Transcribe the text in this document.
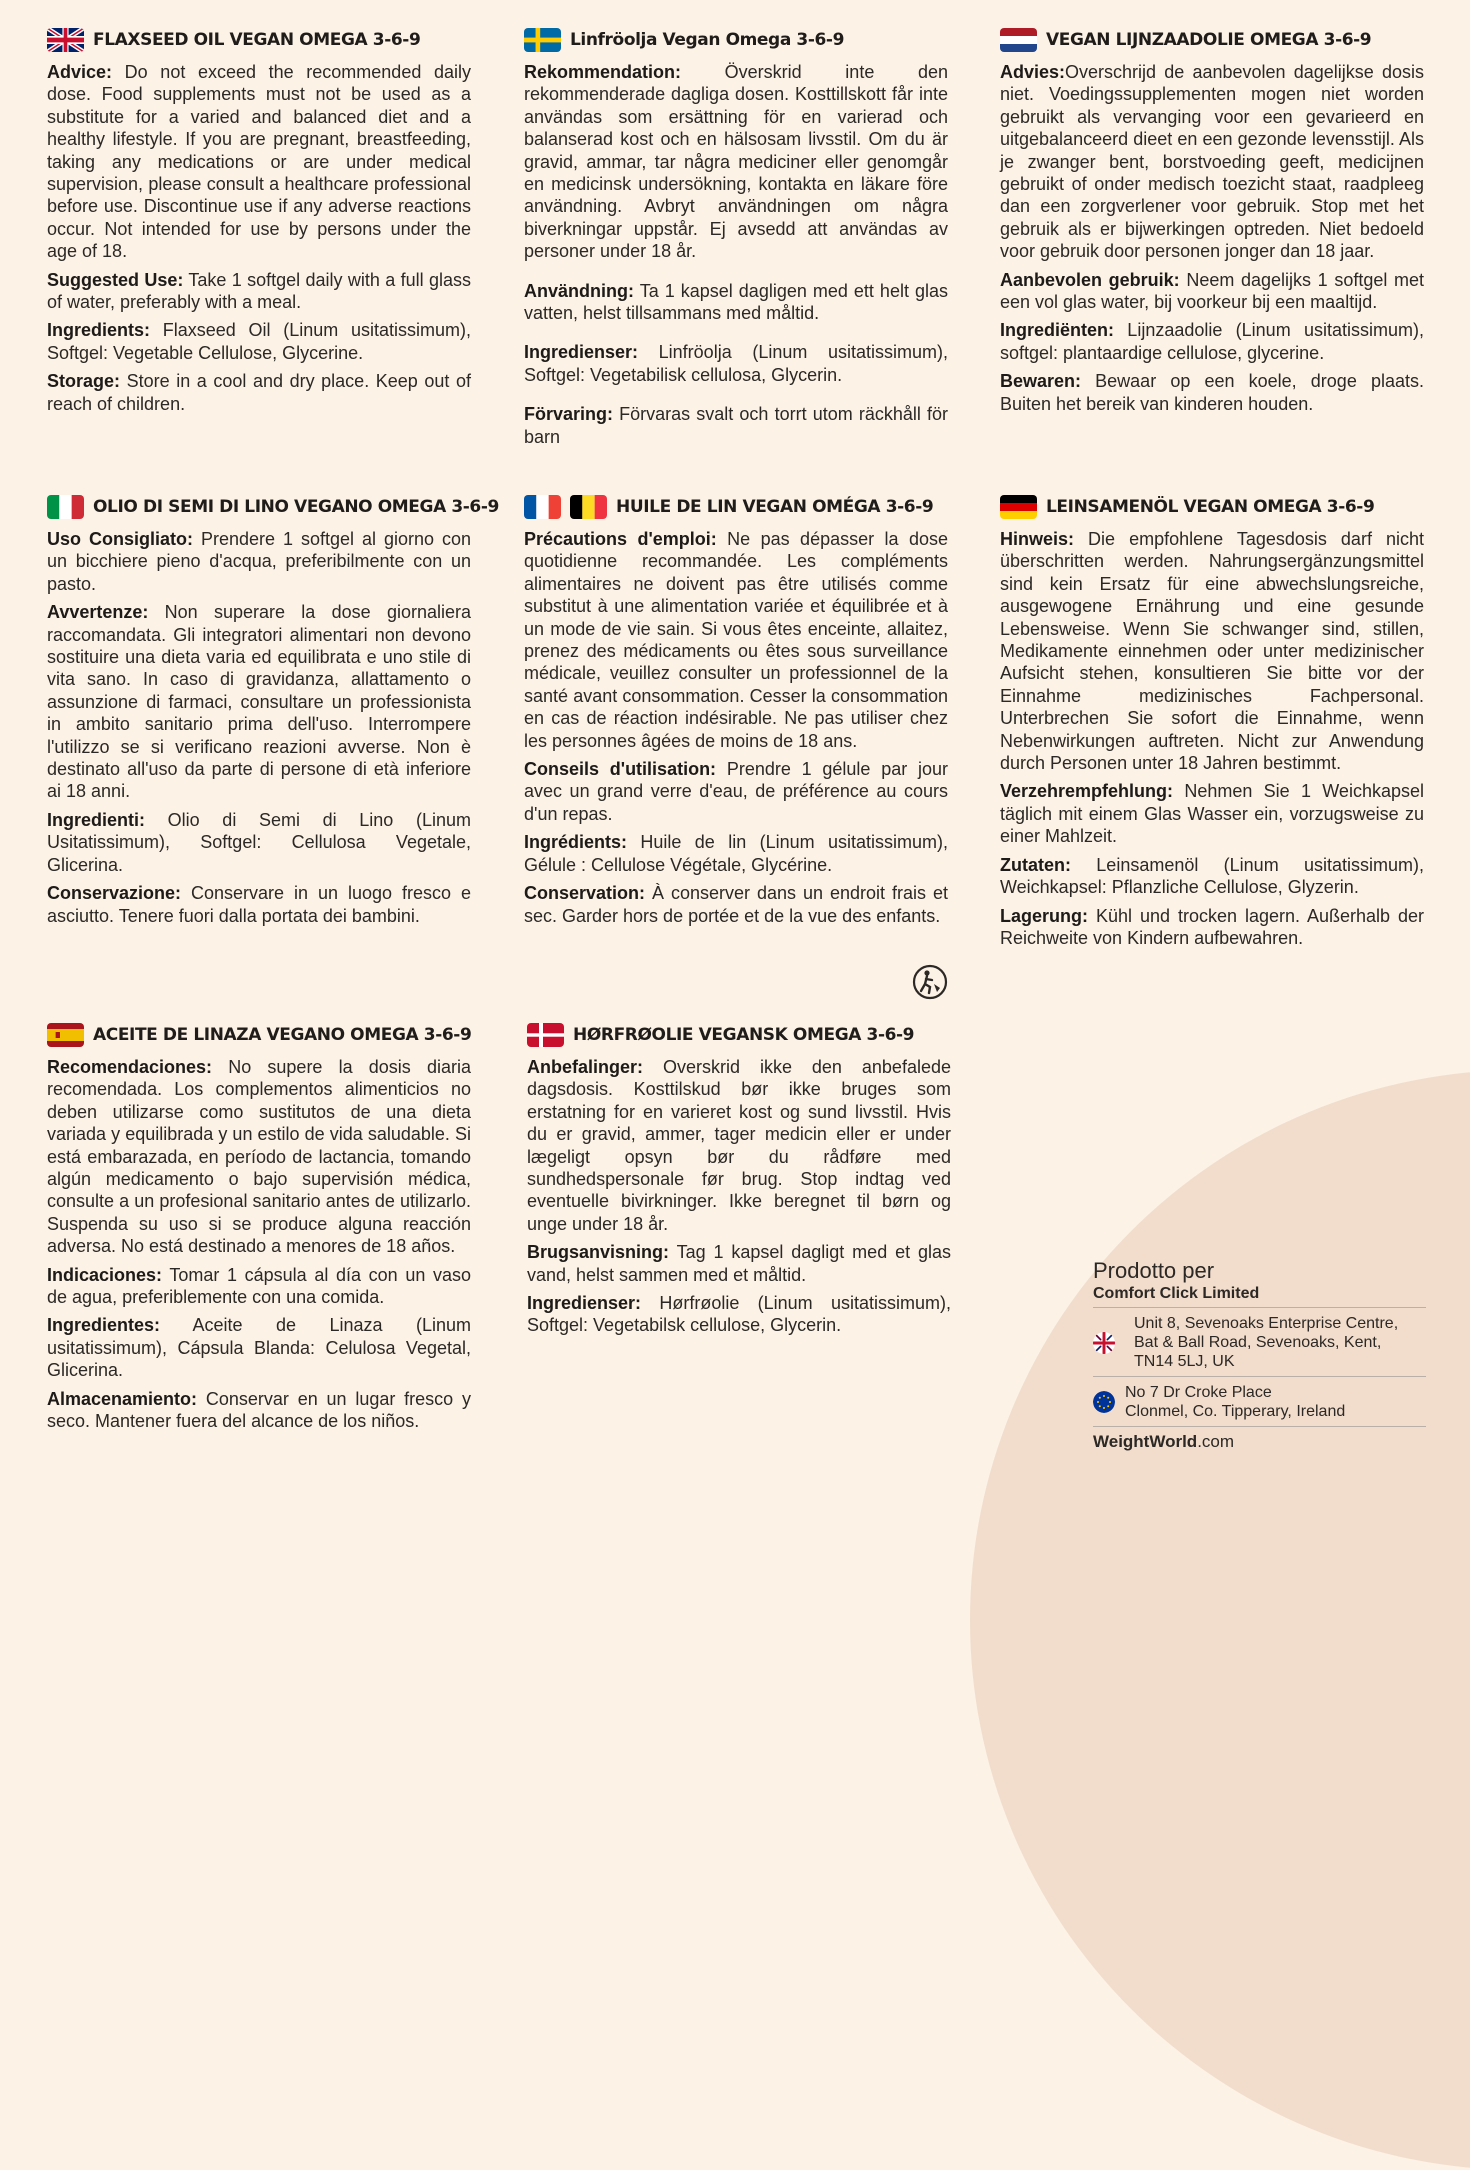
FLAXSEED OIL VEGAN OMEGA 3-6-9

Advice: Do not exceed the recommended daily dose. Food supplements must not be used as a substitute for a varied and balanced diet and a healthy lifestyle. If you are pregnant, breastfeeding, taking any medications or are under medical supervision, please consult a healthcare professional before use. Discontinue use if any adverse reactions occur. Not intended for use by persons under the age of 18.

Suggested Use: Take 1 softgel daily with a full glass of water, preferably with a meal.

Ingredients: Flaxseed Oil (Linum usitatissimum), Softgel: Vegetable Cellulose, Glycerine.

Storage: Store in a cool and dry place. Keep out of reach of children.

Linfröolja Vegan Omega 3-6-9

Rekommendation: Överskrid inte den rekommenderade dagliga dosen. Kosttillskott får inte användas som ersättning för en varierad och balanserad kost och en hälsosam livsstil. Om du är gravid, ammar, tar några mediciner eller genomgår en medicinsk undersökning, kontakta en läkare före användning. Avbryt användningen om några biverkningar uppstår. Ej avsedd att användas av personer under 18 år.

Användning: Ta 1 kapsel dagligen med ett helt glas vatten, helst tillsammans med måltid.

Ingredienser: Linfröolja (Linum usitatissimum), Softgel: Vegetabilisk cellulosa, Glycerin.

Förvaring: Förvaras svalt och torrt utom räckhåll för barn

VEGAN LIJNZAADOLIE OMEGA 3-6-9

Advies:Overschrijd de aanbevolen dagelijkse dosis niet. Voedingssupplementen mogen niet worden gebruikt als vervanging voor een gevarieerd en uitgebalanceerd dieet en een gezonde levensstijl. Als je zwanger bent, borstvoeding geeft, medicijnen gebruikt of onder medisch toezicht staat, raadpleeg dan een zorgverlener voor gebruik. Stop met het gebruik als er bijwerkingen optreden. Niet bedoeld voor gebruik door personen jonger dan 18 jaar.

Aanbevolen gebruik: Neem dagelijks 1 softgel met een vol glas water, bij voorkeur bij een maaltijd.

Ingrediënten: Lijnzaadolie (Linum usitatissimum), softgel: plantaardige cellulose, glycerine.

Bewaren: Bewaar op een koele, droge plaats. Buiten het bereik van kinderen houden.

OLIO DI SEMI DI LINO VEGANO OMEGA 3-6-9

Uso Consigliato: Prendere 1 softgel al giorno con un bicchiere pieno d'acqua, preferibilmente con un pasto.

Avvertenze: Non superare la dose giornaliera raccomandata. Gli integratori alimentari non devono sostituire una dieta varia ed equilibrata e uno stile di vita sano. In caso di gravidanza, allattamento o assunzione di farmaci, consultare un professionista in ambito sanitario prima dell'uso. Interrompere l'utilizzo se si verificano reazioni avverse. Non è destinato all'uso da parte di persone di età inferiore ai 18 anni.

Ingredienti: Olio di Semi di Lino (Linum Usitatissimum), Softgel: Cellulosa Vegetale, Glicerina.

Conservazione: Conservare in un luogo fresco e asciutto. Tenere fuori dalla portata dei bambini.

HUILE DE LIN VEGAN OMÉGA 3-6-9

Précautions d'emploi: Ne pas dépasser la dose quotidienne recommandée. Les compléments alimentaires ne doivent pas être utilisés comme substitut à une alimentation variée et équilibrée et à un mode de vie sain. Si vous êtes enceinte, allaitez, prenez des médicaments ou êtes sous surveillance médicale, veuillez consulter un professionnel de la santé avant consommation. Cesser la consommation en cas de réaction indésirable. Ne pas utiliser chez les personnes âgées de moins de 18 ans.

Conseils d'utilisation: Prendre 1 gélule par jour avec un grand verre d'eau, de préférence au cours d'un repas.

Ingrédients: Huile de lin (Linum usitatissimum), Gélule : Cellulose Végétale, Glycérine.

Conservation: À conserver dans un endroit frais et sec. Garder hors de portée et de la vue des enfants.

LEINSAMENÖL VEGAN OMEGA 3-6-9

Hinweis: Die empfohlene Tagesdosis darf nicht überschritten werden. Nahrungsergänzungsmittel sind kein Ersatz für eine abwechslungsreiche, ausgewogene Ernährung und eine gesunde Lebensweise. Wenn Sie schwanger sind, stillen, Medikamente einnehmen oder unter medizinischer Aufsicht stehen, konsultieren Sie bitte vor der Einnahme medizinisches Fachpersonal. Unterbrechen Sie sofort die Einnahme, wenn Nebenwirkungen auftreten. Nicht zur Anwendung durch Personen unter 18 Jahren bestimmt.

Verzehrempfehlung: Nehmen Sie 1 Weichkapsel täglich mit einem Glas Wasser ein, vorzugsweise zu einer Mahlzeit.

Zutaten: Leinsamenöl (Linum usitatissimum), Weichkapsel: Pflanzliche Cellulose, Glyzerin.

Lagerung: Kühl und trocken lagern. Außerhalb der Reichweite von Kindern aufbewahren.

ACEITE DE LINAZA VEGANO OMEGA 3-6-9

Recomendaciones: No supere la dosis diaria recomendada. Los complementos alimenticios no deben utilizarse como sustitutos de una dieta variada y equilibrada y un estilo de vida saludable. Si está embarazada, en período de lactancia, tomando algún medicamento o bajo supervisión médica, consulte a un profesional sanitario antes de utilizarlo. Suspenda su uso si se produce alguna reacción adversa. No está destinado a menores de 18 años.

Indicaciones: Tomar 1 cápsula al día con un vaso de agua, preferiblemente con una comida.

Ingredientes: Aceite de Linaza (Linum usitatissimum), Cápsula Blanda: Celulosa Vegetal, Glicerina.

Almacenamiento: Conservar en un lugar fresco y seco. Mantener fuera del alcance de los niños.

HØRFRØOLIE VEGANSK OMEGA 3-6-9

Anbefalinger: Overskrid ikke den anbefalede dagsdosis. Kosttilskud bør ikke bruges som erstatning for en varieret kost og sund livsstil. Hvis du er gravid, ammer, tager medicin eller er under lægeligt opsyn bør du rådføre med sundhedspersonale før brug. Stop indtag ved eventuelle bivirkninger. Ikke beregnet til børn og unge under 18 år.

Brugsanvisning: Tag 1 kapsel dagligt med et glas vand, helst sammen med et måltid.

Ingredienser: Hørfrøolie (Linum usitatissimum), Softgel: Vegetabilsk cellulose, Glycerin.

Prodotto per
Comfort Click Limited
Unit 8, Sevenoaks Enterprise Centre,
Bat & Ball Road, Sevenoaks, Kent,
TN14 5LJ, UK
No 7 Dr Croke Place
Clonmel, Co. Tipperary, Ireland
WeightWorld.com
